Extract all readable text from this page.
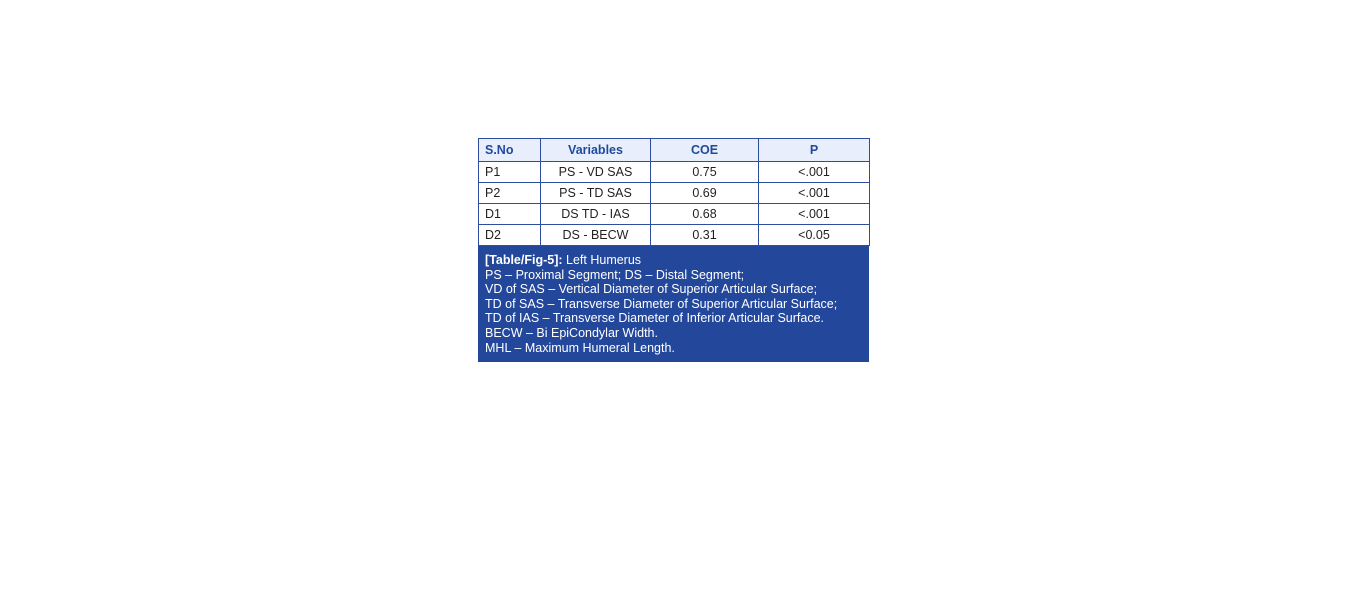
S.No	Variables	COE	P
P1	PS - VD SAS	0.75	<.001
P2	PS - TD SAS	0.69	<.001
D1	DS TD - IAS	0.68	<.001
D2	DS - BECW	0.31	<0.05
[Table/Fig-5]: Left Humerus
PS – Proximal Segment; DS – Distal Segment;
VD of SAS – Vertical Diameter of Superior Articular Surface;
TD of SAS – Transverse Diameter of Superior Articular Surface;
TD of IAS – Transverse Diameter of Inferior Articular Surface.
BECW – Bi EpiCondylar Width.
MHL – Maximum Humeral Length.
